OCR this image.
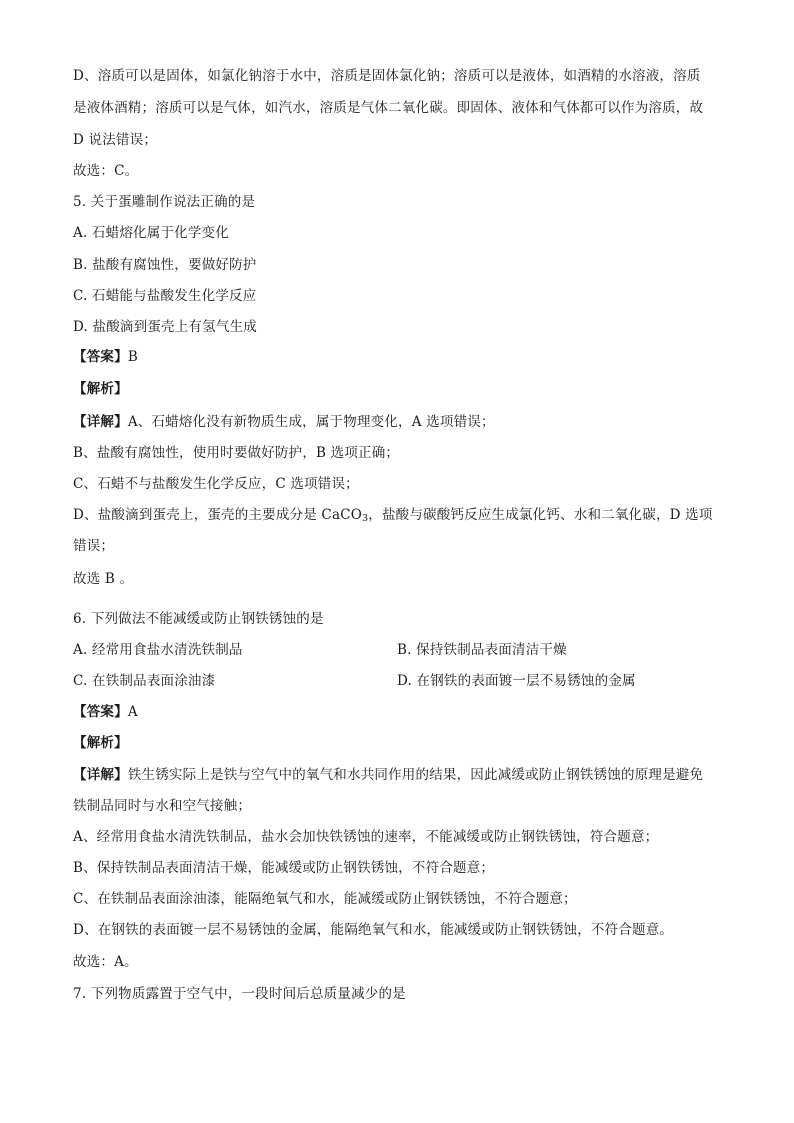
D、溶质可以是固体，如氯化钠溶于水中，溶质是固体氯化钠；溶质可以是液体，如酒精的水溶液，溶质
是液体酒精；溶质可以是气体，如汽水，溶质是气体二氧化碳。即固体、液体和气体都可以作为溶质，故
D 说法错误；
故选：C。
5. 关于蛋雕制作说法正确的是
A. 石蜡熔化属于化学变化
B. 盐酸有腐蚀性，要做好防护
C. 石蜡能与盐酸发生化学反应
D. 盐酸滴到蛋壳上有氢气生成
【答案】B
【解析】
【详解】A、石蜡熔化没有新物质生成，属于物理变化，A 选项错误；
B、盐酸有腐蚀性，使用时要做好防护，B 选项正确；
C、石蜡不与盐酸发生化学反应，C 选项错误；
D、盐酸滴到蛋壳上，蛋壳的主要成分是 CaCO$_3$，盐酸与碳酸钙反应生成氯化钙、水和二氧化碳，D 选项
错误；
故选 B 。
6. 下列做法不能减缓或防止钢铁锈蚀的是
A. 经常用食盐水清洗铁制品	B. 保持铁制品表面清洁干燥
C. 在铁制品表面涂油漆	D. 在钢铁的表面镀一层不易锈蚀的金属
【答案】A
【解析】
【详解】铁生锈实际上是铁与空气中的氧气和水共同作用的结果，因此减缓或防止钢铁锈蚀的原理是避免
铁制品同时与水和空气接触；
A、经常用食盐水清洗铁制品，盐水会加快铁锈蚀的速率，不能减缓或防止钢铁锈蚀，符合题意；
B、保持铁制品表面清洁干燥，能减缓或防止钢铁锈蚀，不符合题意；
C、在铁制品表面涂油漆，能隔绝氧气和水，能减缓或防止钢铁锈蚀，不符合题意；
D、在钢铁的表面镀一层不易锈蚀的金属，能隔绝氧气和水，能减缓或防止钢铁锈蚀，不符合题意。
故选：A。
7. 下列物质露置于空气中，一段时间后总质量减少的是
